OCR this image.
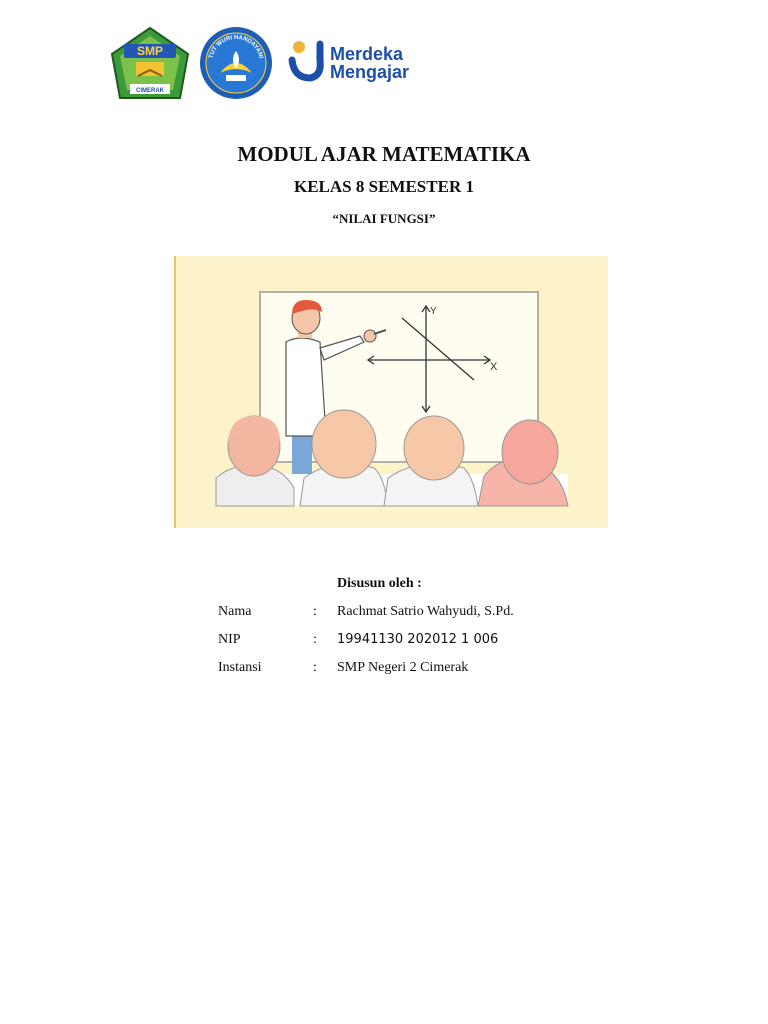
SMP
CIMERAK
TUT WURI HANDAYANI	Merdeka
Mengajar
MODUL AJAR MATEMATIKA
KELAS 8 SEMESTER 1
“NILAI FUNGSI”
Y
X
Disusun oleh :
Nama	: Rachmat Satrio Wahyudi, S.Pd.
NIP	: 19941130 202012 1 006
Instansi	: SMP Negeri 2 Cimerak
